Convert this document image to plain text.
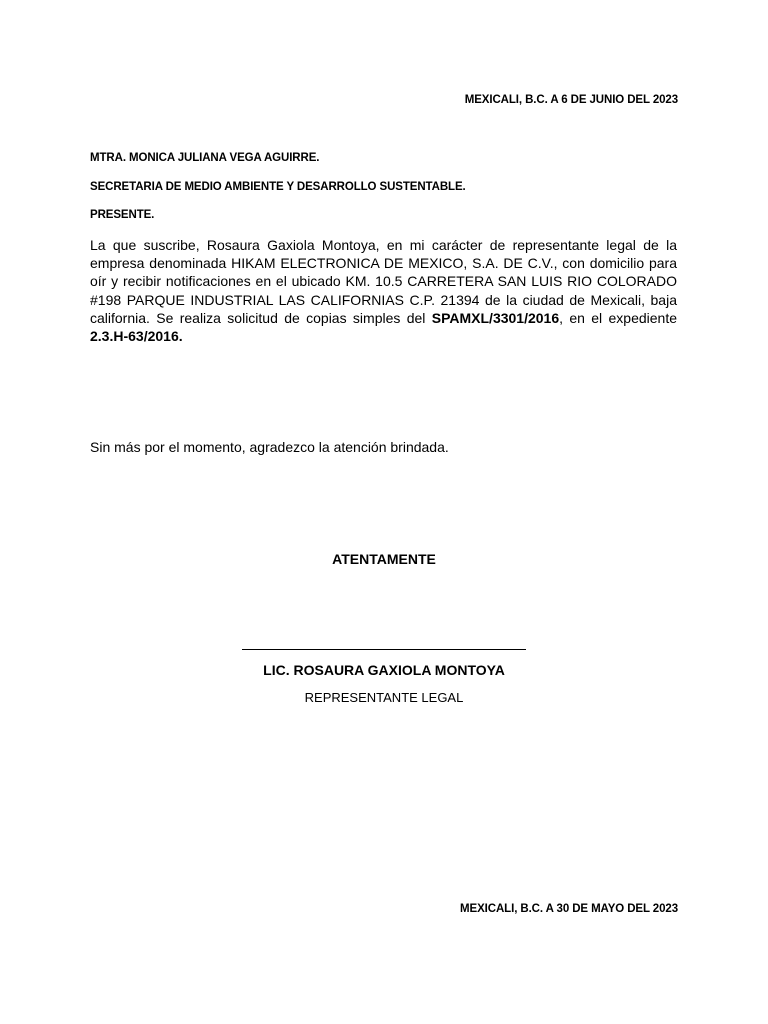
MEXICALI, B.C. A 6 DE JUNIO DEL 2023
MTRA. MONICA JULIANA VEGA AGUIRRE.
SECRETARIA DE MEDIO AMBIENTE Y DESARROLLO SUSTENTABLE.
PRESENTE.

La que suscribe, Rosaura Gaxiola Montoya, en mi carácter de representante legal de la empresa denominada HIKAM ELECTRONICA DE MEXICO, S.A. DE C.V., con domicilio para oír y recibir notificaciones en el ubicado KM. 10.5 CARRETERA SAN LUIS RIO COLORADO #198 PARQUE INDUSTRIAL LAS CALIFORNIAS C.P. 21394 de la ciudad de Mexicali, baja california. Se realiza solicitud de copias simples del SPAMXL/3301/2016, en el expediente 2.3.H-63/2016.

Sin más por el momento, agradezco la atención brindada.
ATENTAMENTE
LIC. ROSAURA GAXIOLA MONTOYA
REPRESENTANTE LEGAL
MEXICALI, B.C. A 30 DE MAYO DEL 2023
